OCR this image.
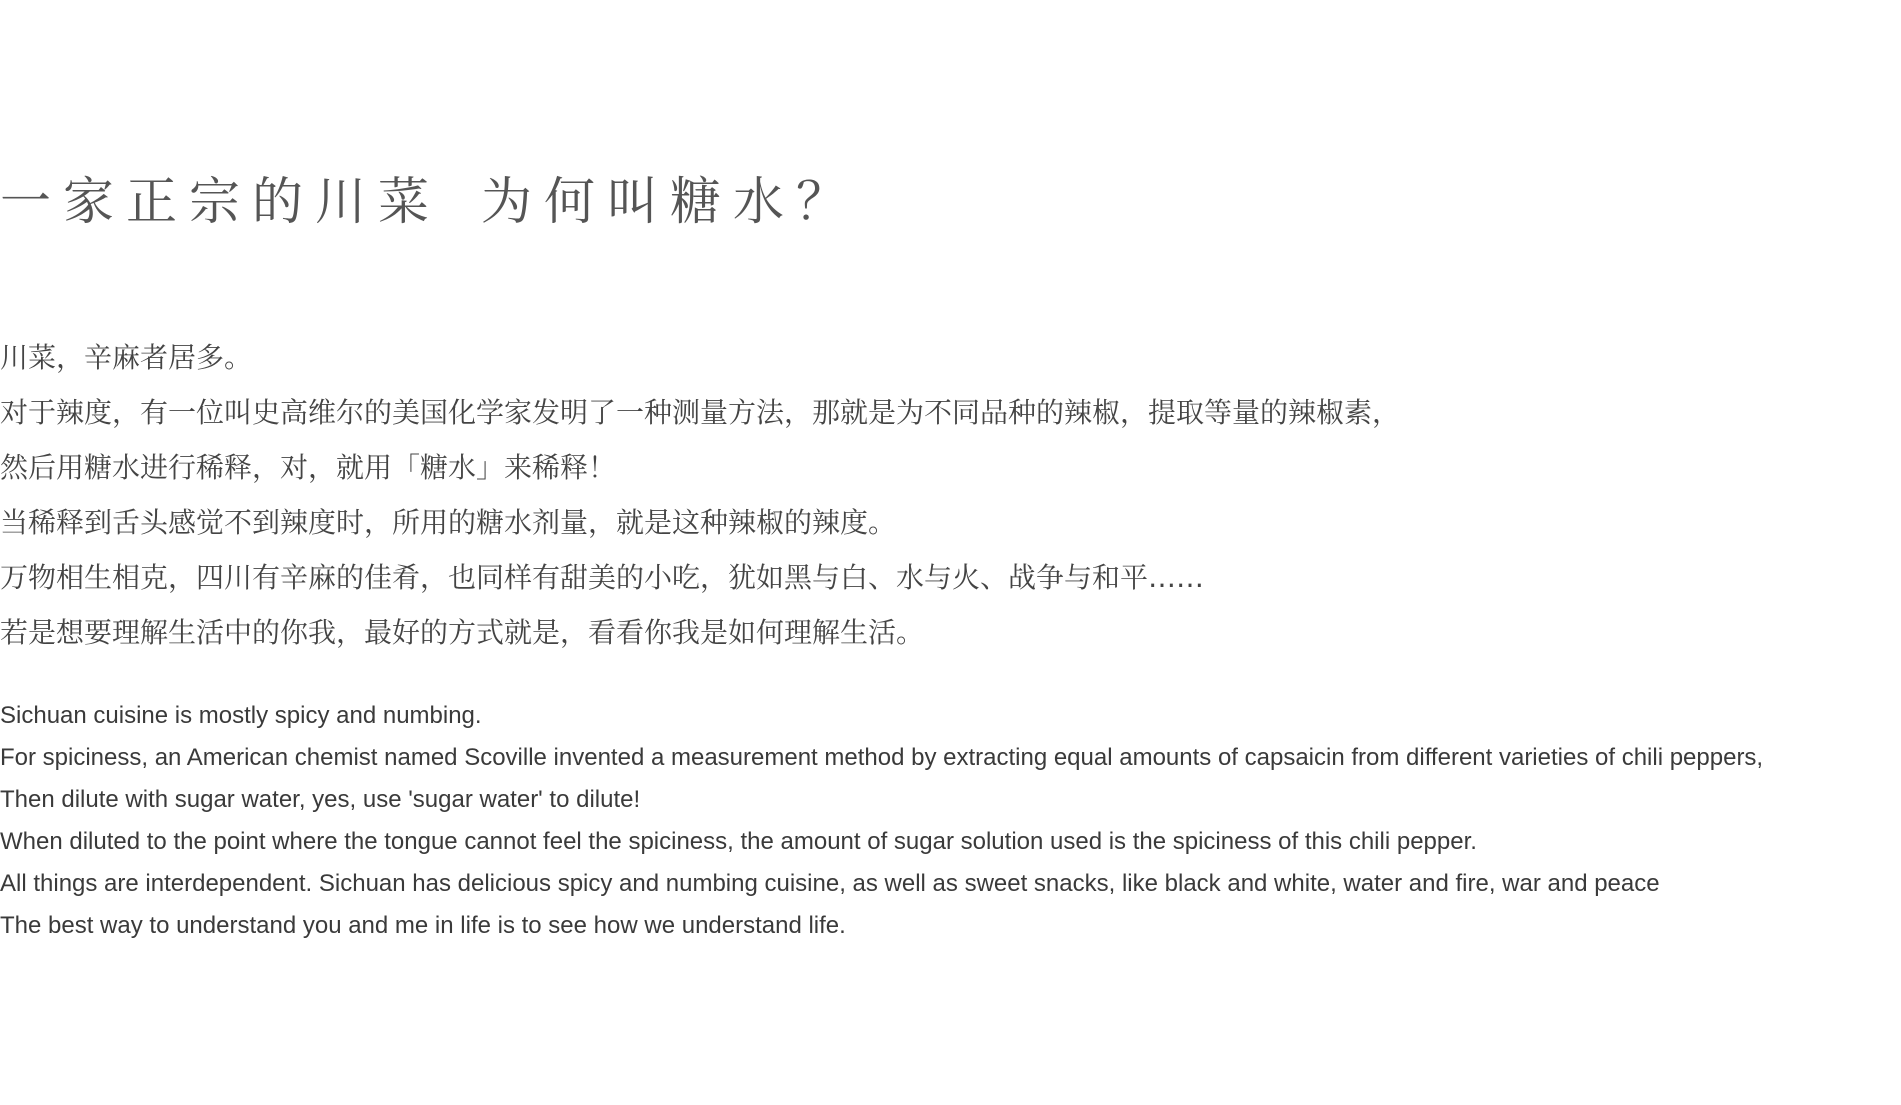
一家正宗的川菜 为何叫糖水？
川菜，辛麻者居多。
对于辣度，有一位叫史高维尔的美国化学家发明了一种测量方法，那就是为不同品种的辣椒，提取等量的辣椒素，
然后用糖水进行稀释，对，就用「糖水」来稀释！
当稀释到舌头感觉不到辣度时，所用的糖水剂量，就是这种辣椒的辣度。
万物相生相克，四川有辛麻的佳肴，也同样有甜美的小吃，犹如黑与白、水与火、战争与和平……
若是想要理解生活中的你我，最好的方式就是，看看你我是如何理解生活。
Sichuan cuisine is mostly spicy and numbing.
For spiciness, an American chemist named Scoville invented a measurement method by extracting equal amounts of capsaicin from different varieties of chili peppers,
Then dilute with sugar water, yes, use 'sugar water' to dilute!
When diluted to the point where the tongue cannot feel the spiciness, the amount of sugar solution used is the spiciness of this chili pepper.
All things are interdependent. Sichuan has delicious spicy and numbing cuisine, as well as sweet snacks, like black and white, water and fire, war and peace
The best way to understand you and me in life is to see how we understand life.
